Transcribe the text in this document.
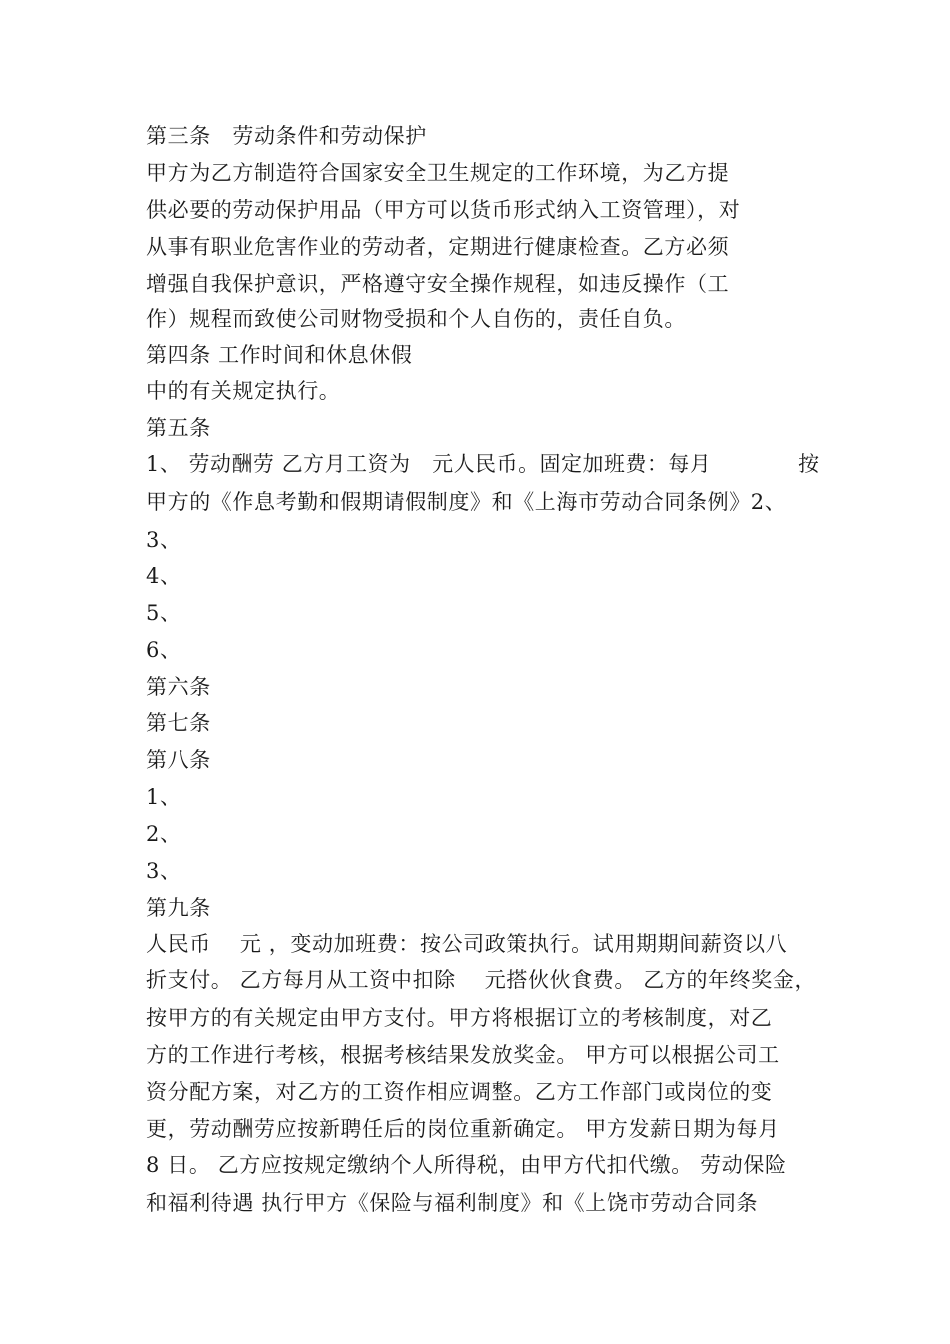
第三条　劳动条件和劳动保护
甲方为乙方制造符合国家安全卫生规定的工作环境，为乙方提
供必要的劳动保护用品（甲方可以货币形式纳入工资管理），对
从事有职业危害作业的劳动者，定期进行健康检查。乙方必须
增强自我保护意识，严格遵守安全操作规程，如违反操作（工
作）规程而致使公司财物受损和个人自伤的，责任自负。
第四条 工作时间和休息休假
中的有关规定执行。
第五条
1、 劳动酬劳 乙方月工资为   元人民币。固定加班费：每月            按
甲方的《作息考勤和假期请假制度》和《上海市劳动合同条例》2、
3、
4、
5、
6、
第六条
第七条
第八条
1、
2、
3、
第九条
人民币    元 ，变动加班费：按公司政策执行。试用期期间薪资以八
折支付。 乙方每月从工资中扣除    元搭伙伙食费。 乙方的年终奖金，
按甲方的有关规定由甲方支付。甲方将根据订立的考核制度，对乙
方的工作进行考核，根据考核结果发放奖金。 甲方可以根据公司工
资分配方案，对乙方的工资作相应调整。乙方工作部门或岗位的变
更，劳动酬劳应按新聘任后的岗位重新确定。 甲方发薪日期为每月
8 日。 乙方应按规定缴纳个人所得税，由甲方代扣代缴。 劳动保险
和福利待遇 执行甲方《保险与福利制度》和《上饶市劳动合同条
